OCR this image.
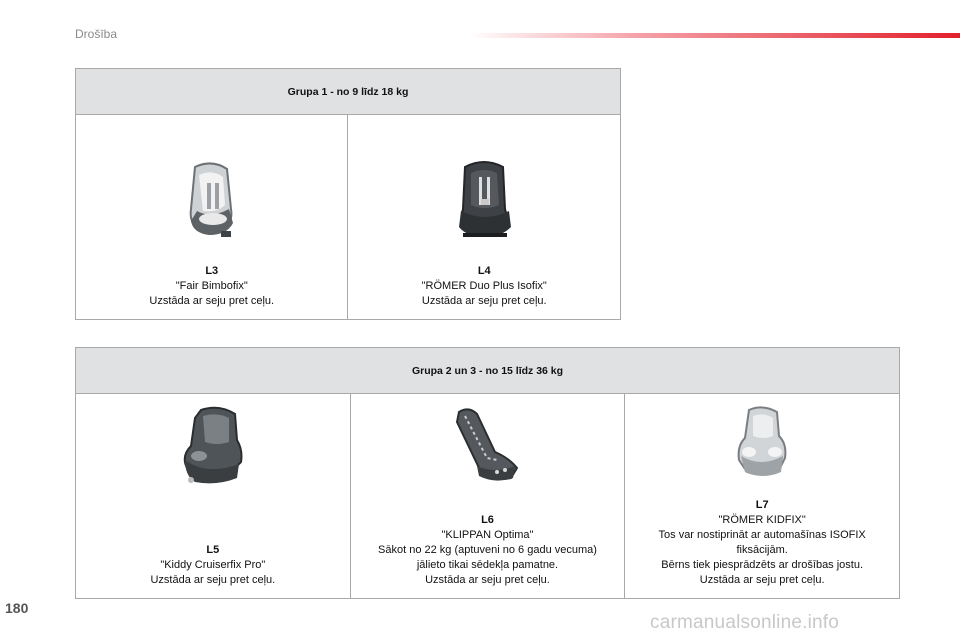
Drošība
Grupa 1 - no 9 līdz 18 kg

L3
"Fair Bimbofix"
Uzstāda ar seju pret ceļu.

L4
"RÖMER Duo Plus Isofix"
Uzstāda ar seju pret ceļu.
Grupa 2 un 3 - no 15 līdz 36 kg

L5
"Kiddy Cruiserfix Pro"
Uzstāda ar seju pret ceļu.

L6
"KLIPPAN Optima"
Sākot no 22 kg (aptuveni no 6 gadu vecuma)
jālieto tikai sēdekļa pamatne.
Uzstāda ar seju pret ceļu.

L7
"RÖMER KIDFIX"
Tos var nostiprināt ar automašīnas ISOFIX
fiksācijām.
Bērns tiek piesprādzēts ar drošības jostu.
Uzstāda ar seju pret ceļu.
180
carmanualsonline.info
